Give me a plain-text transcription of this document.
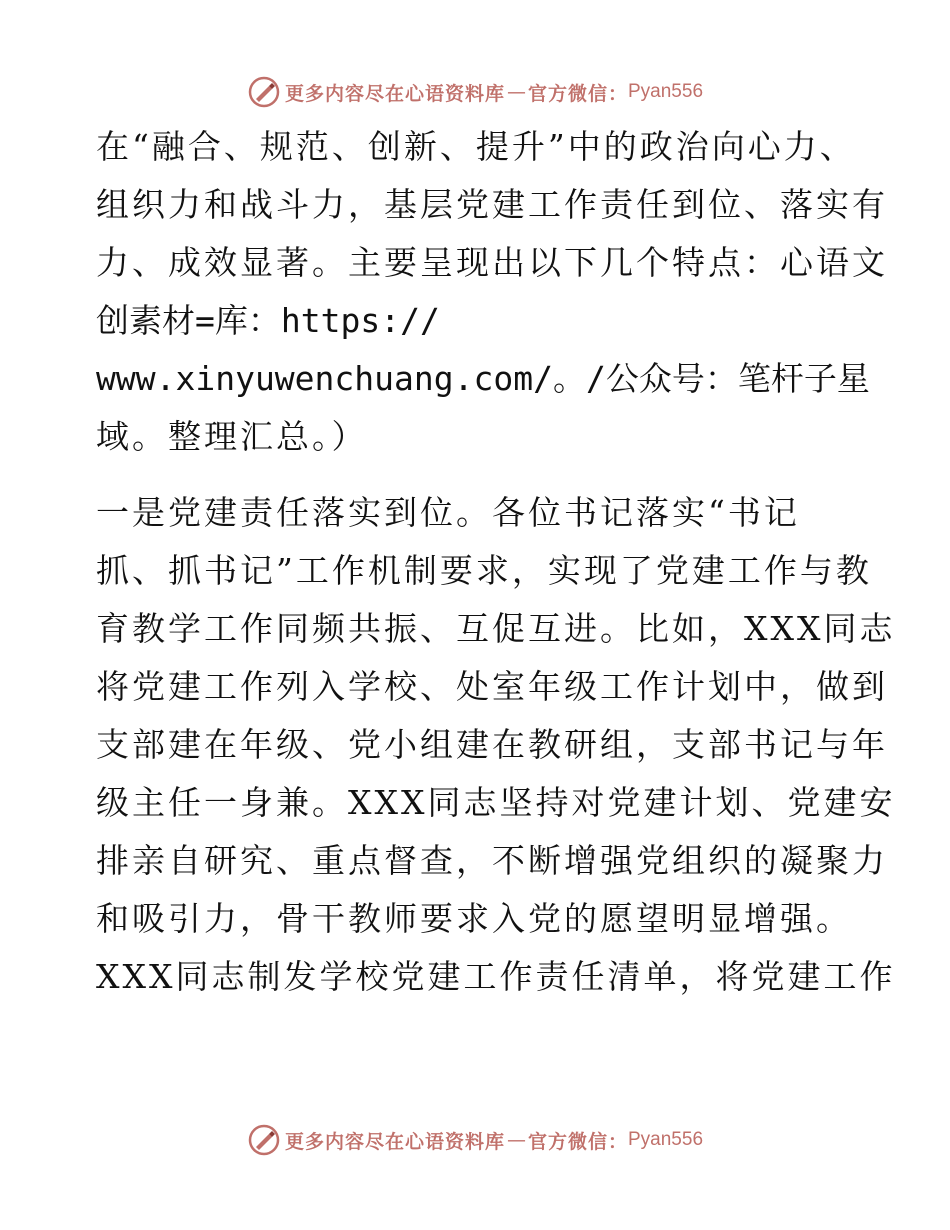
更多内容尽在心语资料库 — 官方微信： Pyan556
在“融合、规范、创新、提升”中的政治向心力、
组织力和战斗力，基层党建工作责任到位、落实有
力、成效显著。主要呈现出以下几个特点：心语文
创素材=库：https://
www.xinyuwenchuang.com/。/公众号：笔杆子星
域。整理汇总。）
一是党建责任落实到位。各位书记落实“书记
抓、抓书记”工作机制要求，实现了党建工作与教
育教学工作同频共振、互促互进。比如，XXX同志
将党建工作列入学校、处室年级工作计划中，做到
支部建在年级、党小组建在教研组，支部书记与年
级主任一身兼。XXX同志坚持对党建计划、党建安
排亲自研究、重点督查，不断增强党组织的凝聚力
和吸引力，骨干教师要求入党的愿望明显增强。
XXX同志制发学校党建工作责任清单，将党建工作
更多内容尽在心语资料库 — 官方微信： Pyan556
